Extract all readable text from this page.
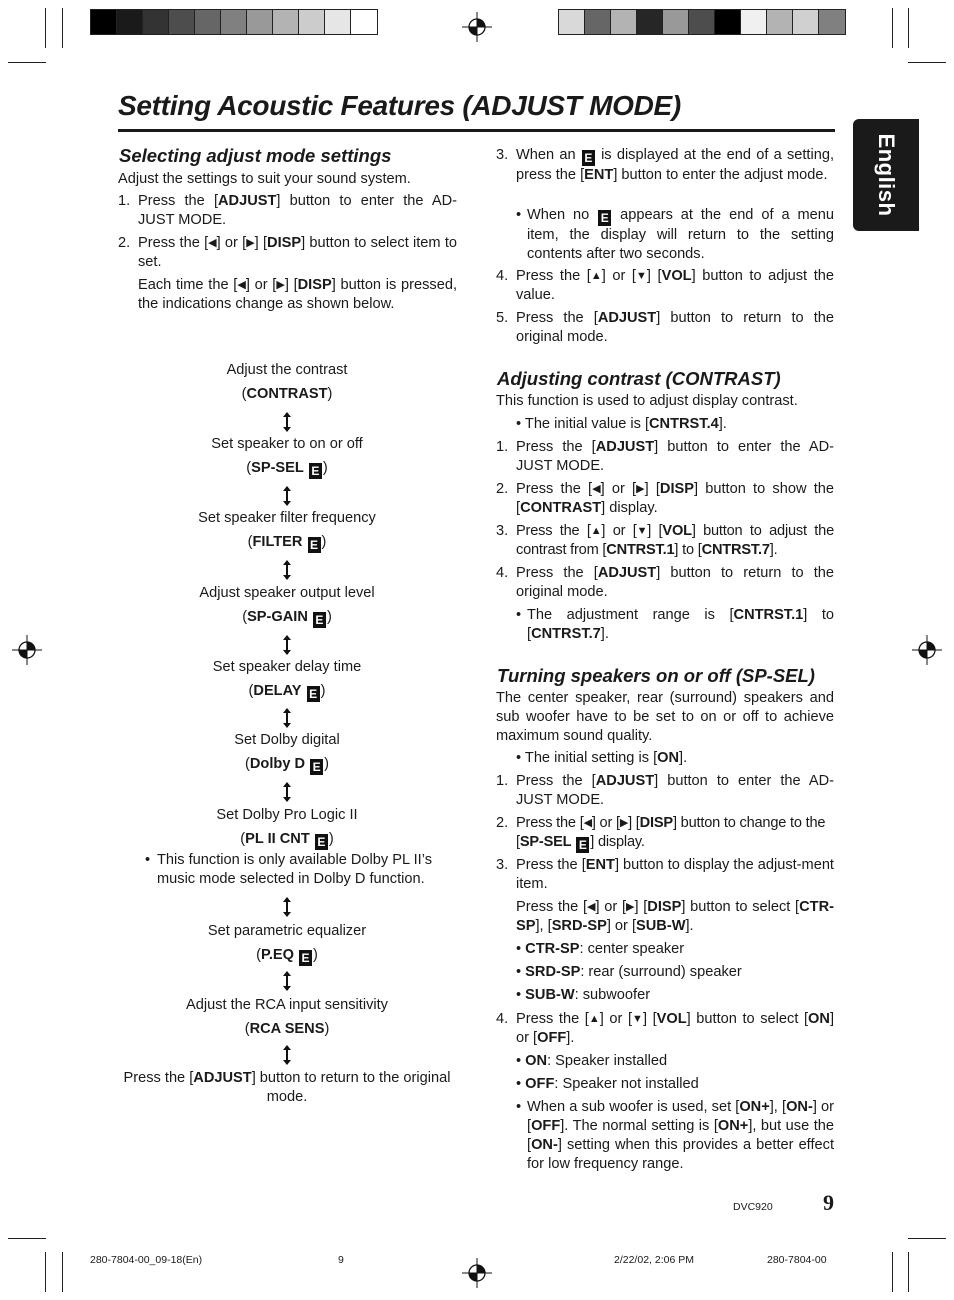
Setting Acoustic Features (ADJUST MODE)
English
Selecting adjust mode settings
Adjust the settings to suit your sound system.
1. Press the [ADJUST] button to enter the AD-JUST MODE.
2. Press the [◀] or [▶] [DISP] button to select item to set.
Each time the [◀] or [▶] [DISP] button is pressed, the indications change as shown below.
Adjust the contrast
(CONTRAST)
Set speaker to on or off
(SP-SEL E )
Set speaker filter frequency
(FILTER E )
Adjust speaker output level
(SP-GAIN E )
Set speaker delay time
(DELAY E )
Set Dolby digital
(Dolby D E )
Set Dolby Pro Logic II
(PL II CNT E )
Set parametric equalizer
(P.EQ E )
Adjust the RCA input sensitivity
(RCA SENS)
• This function is only available Dolby PL II’s music mode selected in Dolby D function.
Press the [ADJUST] button to return to the original mode.
3. When an E is displayed at the end of a setting, press the [ENT] button to enter the adjust mode.
• When no E appears at the end of a menu item, the display will return to the setting contents after two seconds.
4. Press the [▲] or [▼] [VOL] button to adjust the value.
5. Press the [ADJUST] button to return to the original mode.
Adjusting contrast (CONTRAST)
This function is used to adjust display contrast.
• The initial value is [CNTRST.4].
1. Press the [ADJUST] button to enter the AD-JUST MODE.
2. Press the [◀] or [▶] [DISP] button to show the [CONTRAST] display.
3. Press the [▲] or [▼] [VOL] button to adjust the contrast from [CNTRST.1] to [CNTRST.7].
4. Press the [ADJUST] button to return to the original mode.
• The adjustment range is [CNTRST.1] to [CNTRST.7].
Turning speakers on or off (SP-SEL)
The center speaker, rear (surround) speakers and sub woofer have to be set to on or off to achieve maximum sound quality.
• The initial setting is [ON].
1. Press the [ADJUST] button to enter the AD-JUST MODE.
2. Press the [◀] or [▶] [DISP] button to change to the [SP-SEL E ] display.
3. Press the [ENT] button to display the adjust-ment item.
Press the [◀] or [▶] [DISP] button to select [CTR-SP], [SRD-SP] or [SUB-W].
• CTR-SP: center speaker
• SRD-SP: rear (surround) speaker
• SUB-W: subwoofer
4. Press the [▲] or [▼] [VOL] button to select [ON] or [OFF].
• ON: Speaker installed
• OFF: Speaker not installed
• When a sub woofer is used, set [ON+], [ON-] or [OFF]. The normal setting is [ON+], but use the [ON-] setting when this provides a better effect for low frequency range.
DVC920 9
280-7804-00_09-18(En)	9	2/22/02, 2:06 PM	280-7804-00
